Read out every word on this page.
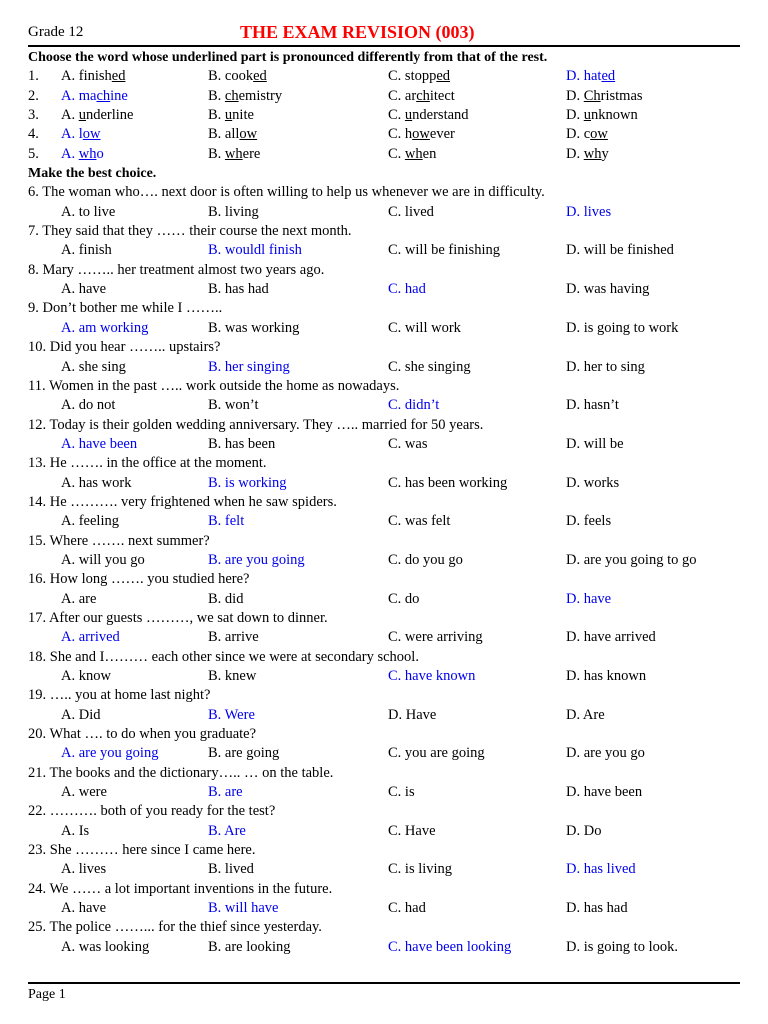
Grade 12	THE EXAM REVISION (003)
Choose the word whose underlined part is pronounced differently from that of the rest.
1. A. finished	B. cooked	C. stopped	D. hated
2. A. machine	B. chemistry	C. architect	D. Christmas
3. A. underline	B. unite	C. understand	D. unknown
4. A. low	B. allow	C. however	D. cow
5. A. who	B. where	C. when	D. why
Make the best choice.
6. The woman who…. next door is often willing to help us whenever we are in difficulty.
A. to live	B. living	C. lived	D. lives
7. They said that they …… their course the next month.
A. finish	B. wouldl finish	C. will be finishing	D. will be finished
8. Mary …….. her treatment almost two years ago.
A. have	B. has had	C. had	D. was having
9. Don’t bother me while I ……..
A. am working	B. was working	C. will work	D. is going to work
10. Did you hear …….. upstairs?
A. she sing	B. her singing	C. she singing	D. her to sing
11. Women in the past ….. work outside the home as nowadays.
A. do not	B. won’t	C. didn’t	D. hasn’t
12. Today is their golden wedding anniversary. They ….. married for 50 years.
A. have been	B. has been	C. was	D. will be
13. He ……. in the office at the moment.
A. has work	B. is working	C. has been working	D. works
14. He ………. very frightened when he saw spiders.
A. feeling	B. felt	C. was felt	D. feels
15. Where ……. next summer?
A. will you go	B. are you going	C. do you go	D. are you going to go
16. How long ……. you studied here?
A. are	B. did	C. do	D. have
17. After our guests ………, we sat down to dinner.
A. arrived	B. arrive	C. were arriving	D. have arrived
18. She and I……… each other since we were at secondary school.
A. know	B. knew	C. have known	D. has known
19. ….. you at home last night?
A. Did	B. Were	D. Have	D. Are
20. What …. to do when you graduate?
A. are you going	B. are going	C. you are going	D. are you go
21. The books and the dictionary….. … on the table.
A. were	B. are	C. is	D. have been
22. ………. both of you ready for the test?
A. Is	B. Are	C. Have	D. Do
23. She ……… here since I came here.
A. lives	B. lived	C. is living	D. has lived
24. We …… a lot important inventions in the future.
A. have	B. will have	C. had	D. has had
25. The police ……... for the thief since yesterday.
A. was looking	B. are looking	C. have been looking	D. is going to look.
Page 1
